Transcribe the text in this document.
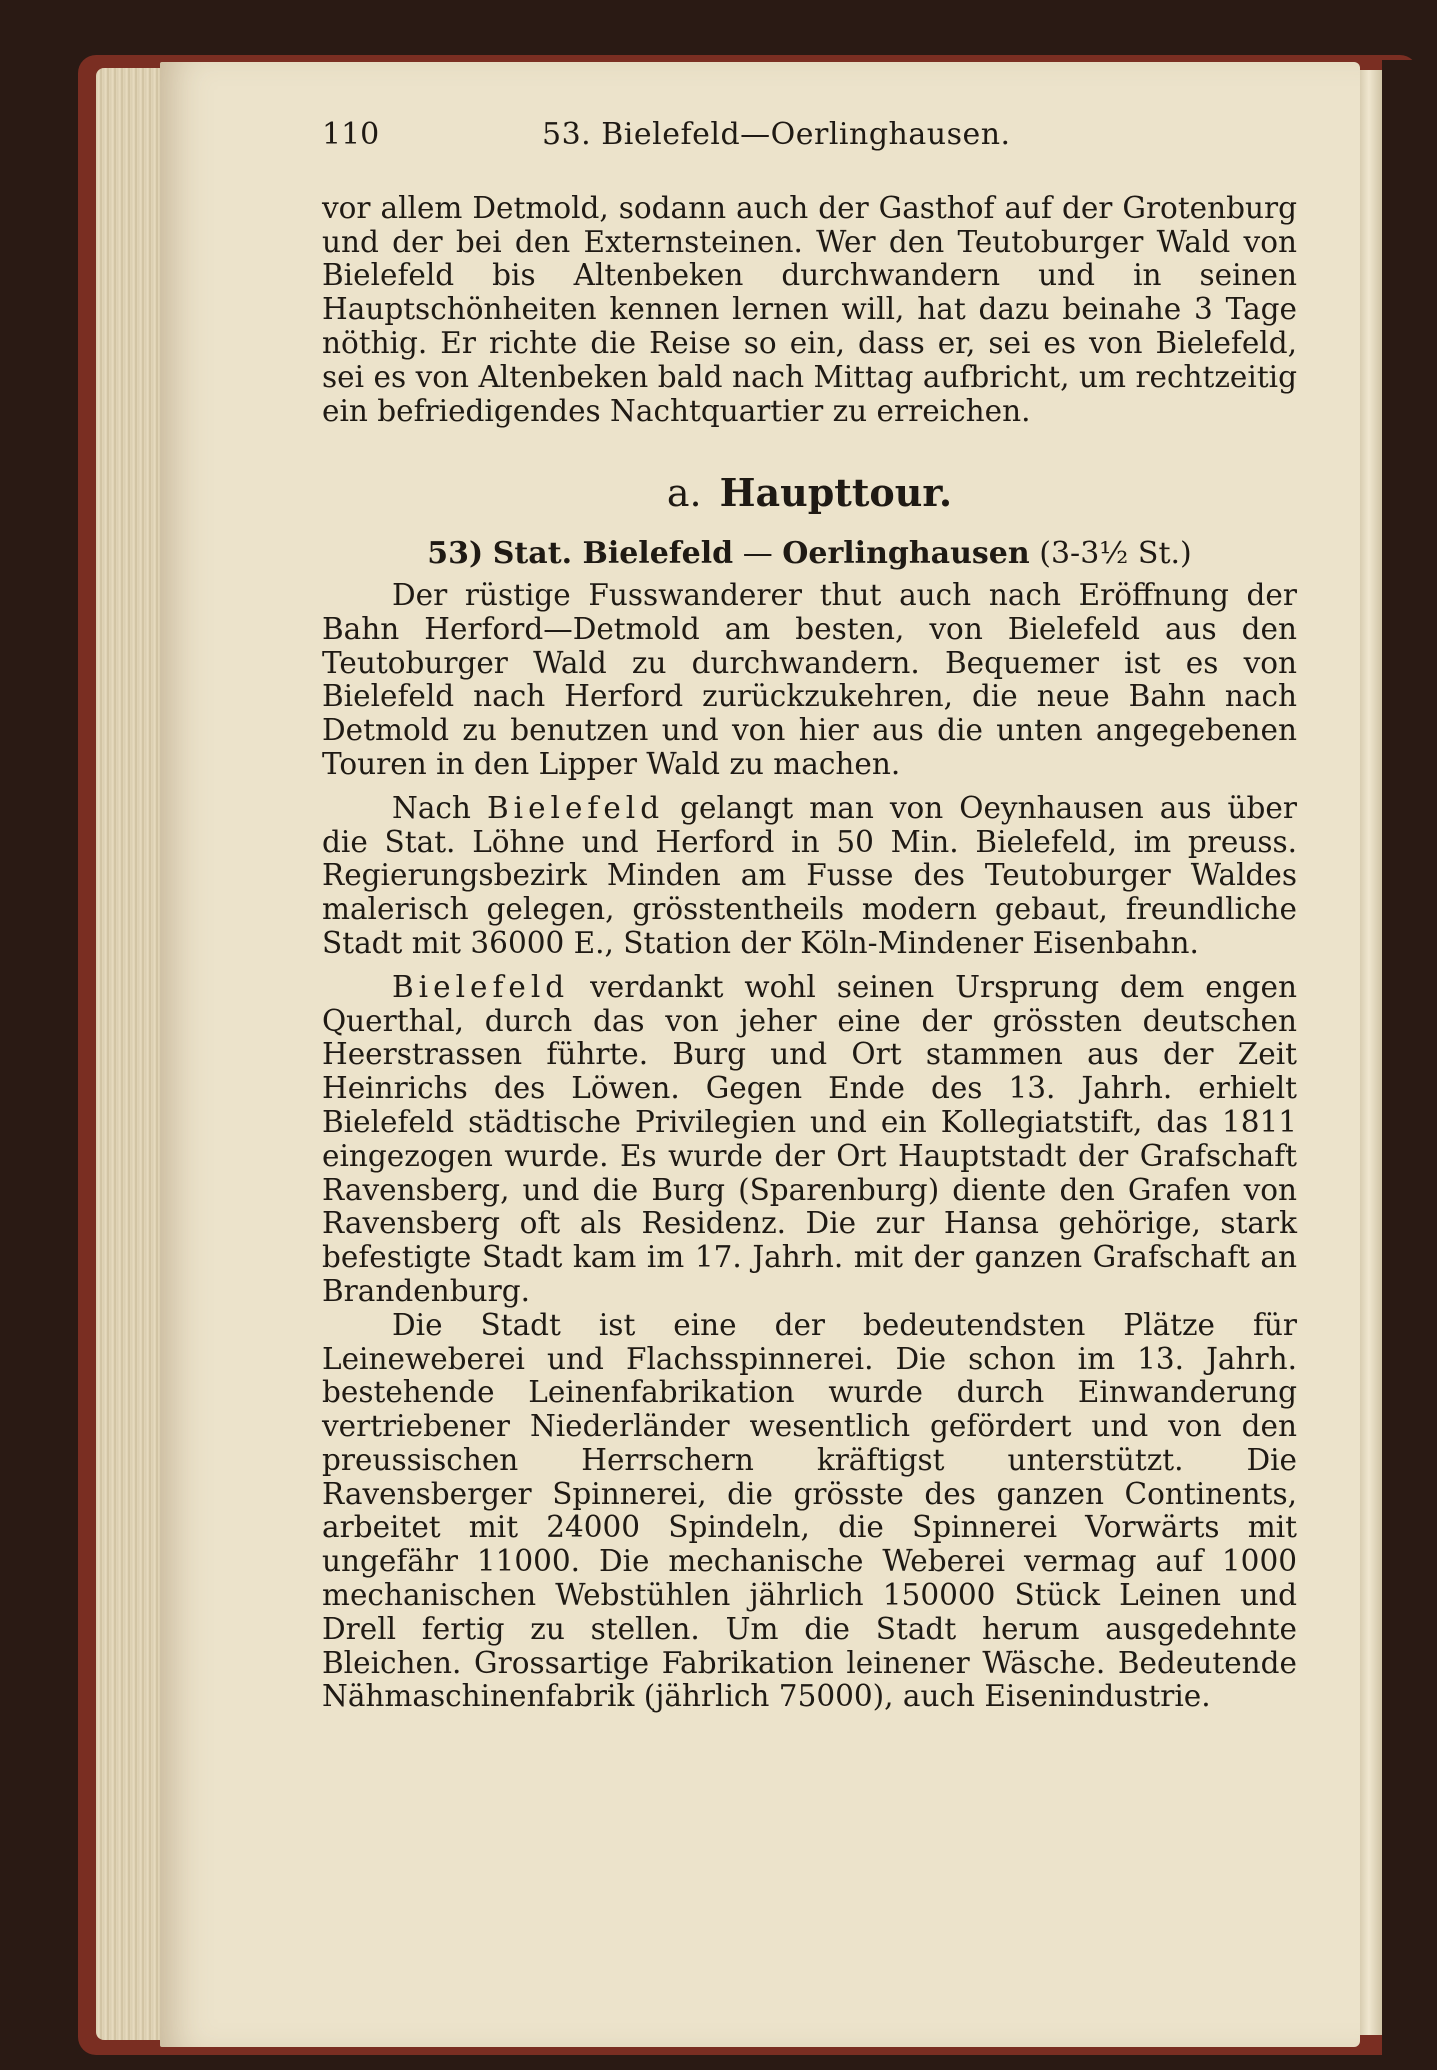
110	53. Bielefeld—Oerlinghausen.

vor allem Detmold, sodann auch der Gasthof auf der Grotenburg und der bei den Externsteinen. Wer den Teutoburger Wald von Bielefeld bis Altenbeken durchwandern und in seinen Hauptschönheiten kennen lernen will, hat dazu beinahe 3 Tage nöthig. Er richte die Reise so ein, dass er, sei es von Bielefeld, sei es von Altenbeken bald nach Mittag aufbricht, um rechtzeitig ein befriedigendes Nachtquartier zu erreichen.

a. Haupttour.
53) Stat. Bielefeld — Oerlinghausen (3-3½ St.)

Der rüstige Fusswanderer thut auch nach Eröffnung der Bahn Herford—Detmold am besten, von Bielefeld aus den Teutoburger Wald zu durchwandern. Bequemer ist es von Bielefeld nach Herford zurückzukehren, die neue Bahn nach Detmold zu benutzen und von hier aus die unten angegebenen Touren in den Lipper Wald zu machen.

Nach Bielefeld gelangt man von Oeynhausen aus über die Stat. Löhne und Herford in 50 Min. Bielefeld, im preuss. Regierungsbezirk Minden am Fusse des Teutoburger Waldes malerisch gelegen, grösstentheils modern gebaut, freundliche Stadt mit 36000 E., Station der Köln-Mindener Eisenbahn.

Bielefeld verdankt wohl seinen Ursprung dem engen Querthal, durch das von jeher eine der grössten deutschen Heerstrassen führte. Burg und Ort stammen aus der Zeit Heinrichs des Löwen. Gegen Ende des 13. Jahrh. erhielt Bielefeld städtische Privilegien und ein Kollegiatstift, das 1811 eingezogen wurde. Es wurde der Ort Hauptstadt der Grafschaft Ravensberg, und die Burg (Sparenburg) diente den Grafen von Ravensberg oft als Residenz. Die zur Hansa gehörige, stark befestigte Stadt kam im 17. Jahrh. mit der ganzen Grafschaft an Brandenburg.

Die Stadt ist eine der bedeutendsten Plätze für Leineweberei und Flachsspinnerei. Die schon im 13. Jahrh. bestehende Leinenfabrikation wurde durch Einwanderung vertriebener Niederländer wesentlich gefördert und von den preussischen Herrschern kräftigst unterstützt. Die Ravensberger Spinnerei, die grösste des ganzen Continents, arbeitet mit 24000 Spindeln, die Spinnerei Vorwärts mit ungefähr 11000. Die mechanische Weberei vermag auf 1000 mechanischen Webstühlen jährlich 150000 Stück Leinen und Drell fertig zu stellen. Um die Stadt herum ausgedehnte Bleichen. Grossartige Fabrikation leinener Wäsche. Bedeutende Nähmaschinenfabrik (jährlich 75000), auch Eisenindustrie.
